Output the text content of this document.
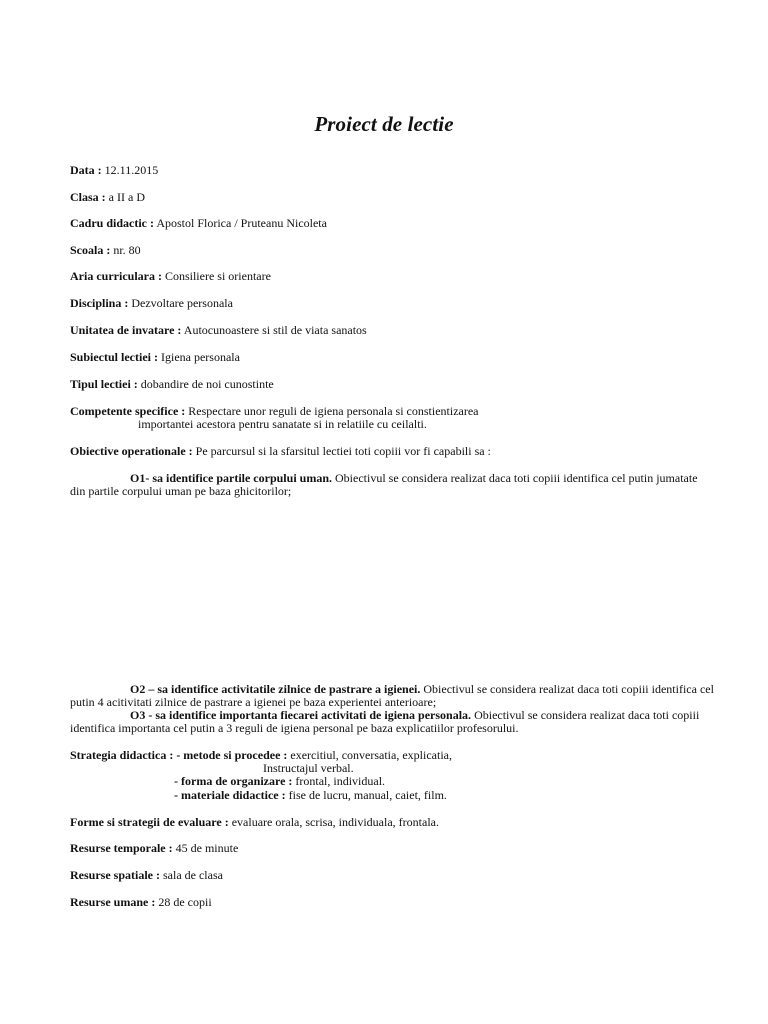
Proiect de lectie
Data : 12.11.2015
Clasa : a II a D
Cadru didactic : Apostol Florica / Pruteanu Nicoleta
Scoala : nr. 80
Aria curriculara : Consiliere si orientare
Disciplina : Dezvoltare personala
Unitatea de invatare : Autocunoastere si stil de viata sanatos
Subiectul lectiei : Igiena personala
Tipul lectiei : dobandire de noi cunostinte
Competente specifice : Respectare unor reguli de igiena personala si constientizarea
importantei acestora pentru sanatate si in relatiile cu ceilalti.
Obiective operationale : Pe parcursul si la sfarsitul lectiei toti copiii vor fi capabili sa :
O1- sa identifice partile corpului uman. Obiectivul se considera realizat daca toti copiii identifica cel putin jumatate
din partile corpului uman pe baza ghicitorilor;
O2 – sa identifice activitatile zilnice de pastrare a igienei. Obiectivul se considera realizat daca toti copiii identifica cel
putin 4 acitivitati zilnice de pastrare a igienei pe baza experientei anterioare;
O3 - sa identifice importanta fiecarei activitati de igiena personala. Obiectivul se considera realizat daca toti copiii
identifica importanta cel putin a 3 reguli de igiena personal pe baza explicatiilor profesorului.
Strategia didactica : - metode si procedee : exercitiul, conversatia, explicatia,
Instructajul verbal.
- forma de organizare : frontal, individual.
- materiale didactice : fise de lucru, manual, caiet, film.
Forme si strategii de evaluare : evaluare orala, scrisa, individuala, frontala.
Resurse temporale : 45 de minute
Resurse spatiale : sala de clasa
Resurse umane : 28 de copii
